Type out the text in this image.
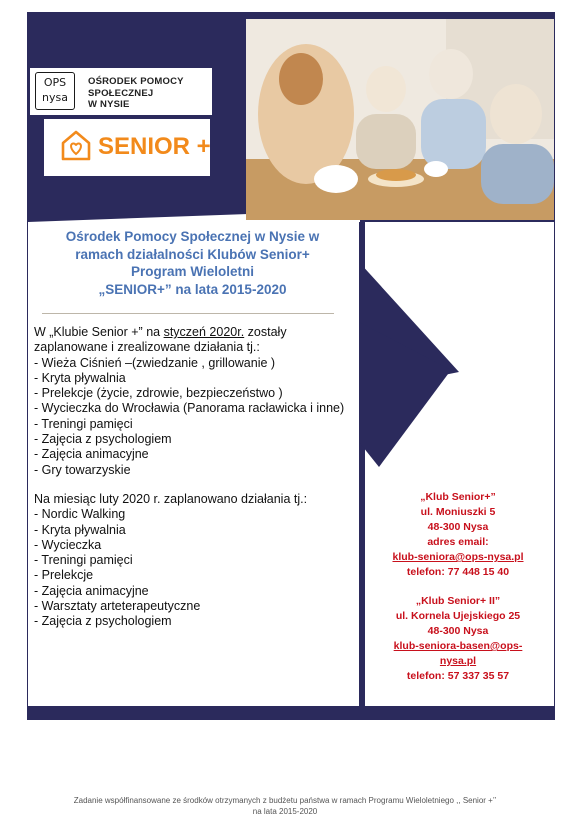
OPS
nysa
OŚRODEK POMOCY
SPOŁECZNEJ
W NYSIE
SENIOR +
Ośrodek Pomocy Społecznej w Nysie w
ramach działalności Klubów Senior+
Program Wieloletni
„SENIOR+” na lata 2015-2020
W „Klubie Senior +” na styczeń 2020r. zostały
zaplanowane i zrealizowane działania tj.:
- Wieża Ciśnień –(zwiedzanie , grillowanie )
- Kryta pływalnia
- Prelekcje (życie, zdrowie, bezpieczeństwo )
- Wycieczka do Wrocławia (Panorama racławicka i inne)
- Treningi pamięci
- Zajęcia z psychologiem
- Zajęcia animacyjne
- Gry towarzyskie
Na miesiąc luty 2020 r. zaplanowano działania tj.:
- Nordic Walking
- Kryta pływalnia
- Wycieczka
- Treningi pamięci
- Prelekcje
- Zajęcia animacyjne
- Warsztaty arteterapeutyczne
- Zajęcia z psychologiem
„Klub Senior+”
ul. Moniuszki 5
48-300 Nysa
adres email:
klub-seniora@ops-nysa.pl
telefon: 77 448 15 40
„Klub Senior+ II”
ul. Kornela Ujejskiego 25
48-300 Nysa
klub-seniora-basen@ops-
nysa.pl
telefon: 57 337 35 57
Zadanie współfinansowane ze środków otrzymanych z budżetu państwa w ramach Programu Wieloletniego ,, Senior +’’
na lata 2015-2020
